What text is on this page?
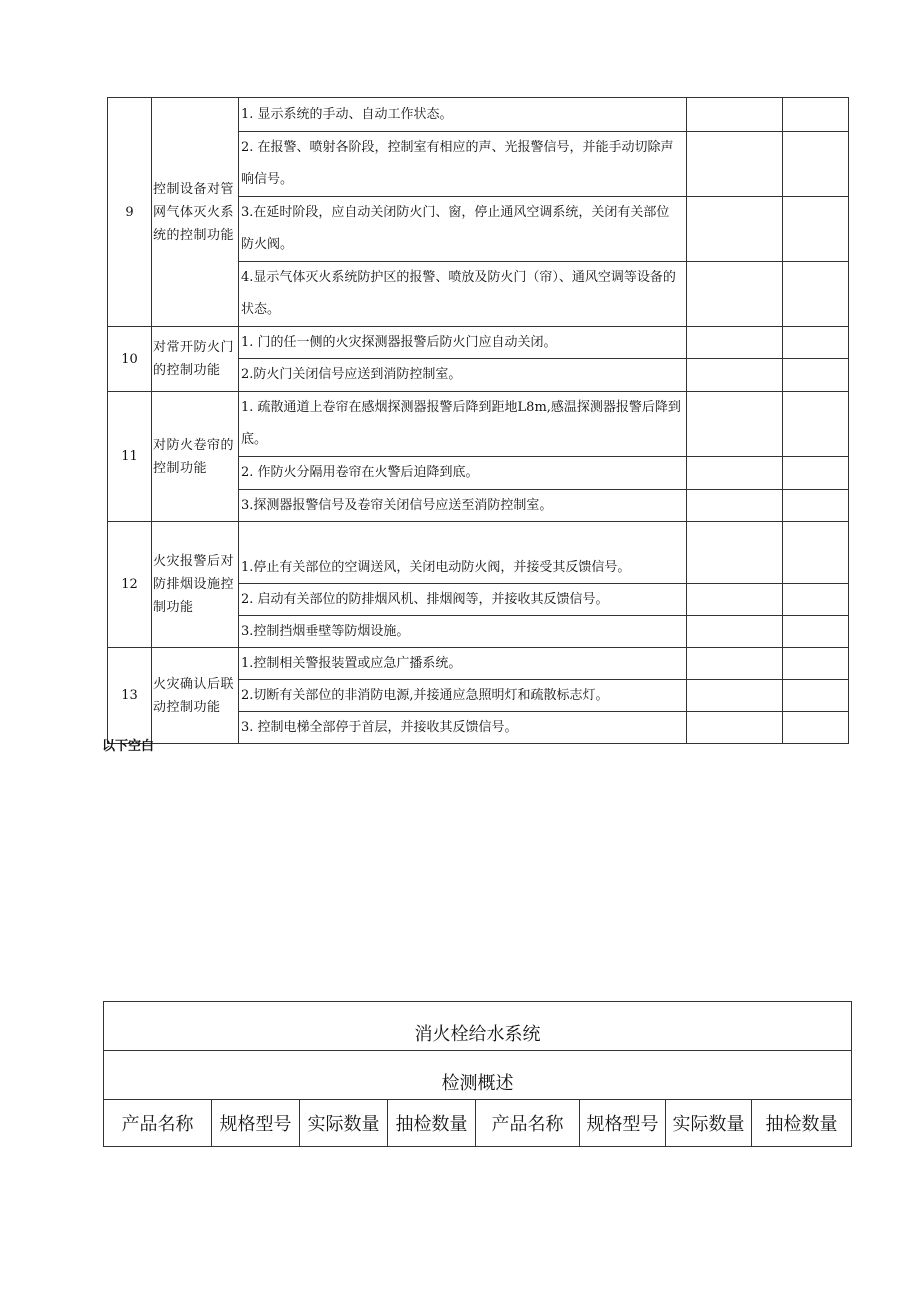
9	控制设备对管网气体灭火系统的控制功能	1. 显示系统的手动、自动工作状态。		
		2. 在报警、喷射各阶段，控制室有相应的声、光报警信号，并能手动切除声响信号。		
		3.在延时阶段，应自动关闭防火门、窗，停止通风空调系统，关闭有关部位防火阀。		
		4.显示气体灭火系统防护区的报警、喷放及防火门（帘）、通风空调等设备的状态。		
10	对常开防火门的控制功能	1. 门的任一侧的火灾探测器报警后防火门应自动关闭。		
		2.防火门关闭信号应送到消防控制室。		
11	对防火卷帘的控制功能	1. 疏散通道上卷帘在感烟探测器报警后降到距地L8m,感温探测器报警后降到底。		
		2. 作防火分隔用卷帘在火警后迫降到底。		
		3.探测器报警信号及卷帘关闭信号应送至消防控制室。		
12	火灾报警后对防排烟设施控制功能	1.停止有关部位的空调送风，关闭电动防火阀，并接受其反馈信号。		
		2. 启动有关部位的防排烟风机、排烟阀等，并接收其反馈信号。		
		3.控制挡烟垂壁等防烟设施。		
13	火灾确认后联动控制功能	1.控制相关警报装置或应急广播系统。		
		2.切断有关部位的非消防电源,并接通应急照明灯和疏散标志灯。		
		3. 控制电梯全部停于首层，并接收其反馈信号。		
以下空白
消火栓给水系统
检测概述
产品名称	规格型号	实际数量	抽检数量	产品名称	规格型号	实际数量	抽检数量
